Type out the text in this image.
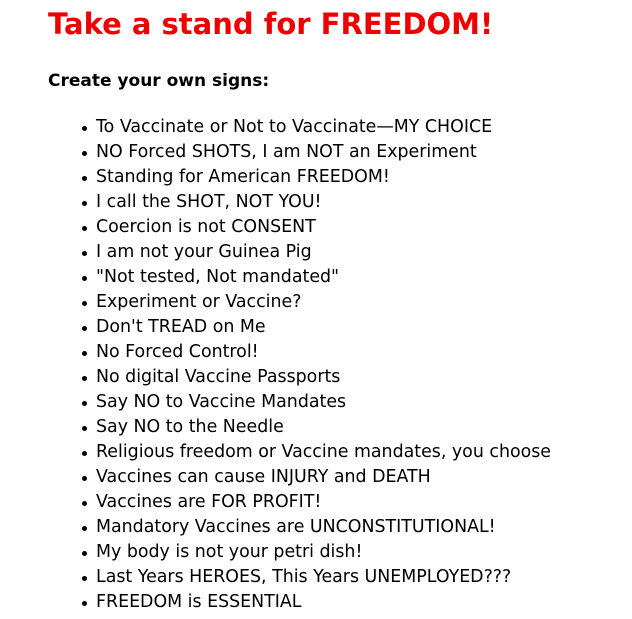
Take a stand for FREEDOM!
Create your own signs:
To Vaccinate or Not to Vaccinate—MY CHOICE
NO Forced SHOTS, I am NOT an Experiment
Standing for American FREEDOM!
I call the SHOT, NOT YOU!
Coercion is not CONSENT
I am not your Guinea Pig
"Not tested, Not mandated"
Experiment or Vaccine?
Don't TREAD on Me
No Forced Control!
No digital Vaccine Passports
Say NO to Vaccine Mandates
Say NO to the Needle
Religious freedom or Vaccine mandates, you choose
Vaccines can cause INJURY and DEATH
Vaccines are FOR PROFIT!
Mandatory Vaccines are UNCONSTITUTIONAL!
My body is not your petri dish!
Last Years HEROES, This Years UNEMPLOYED???
FREEDOM is ESSENTIAL
